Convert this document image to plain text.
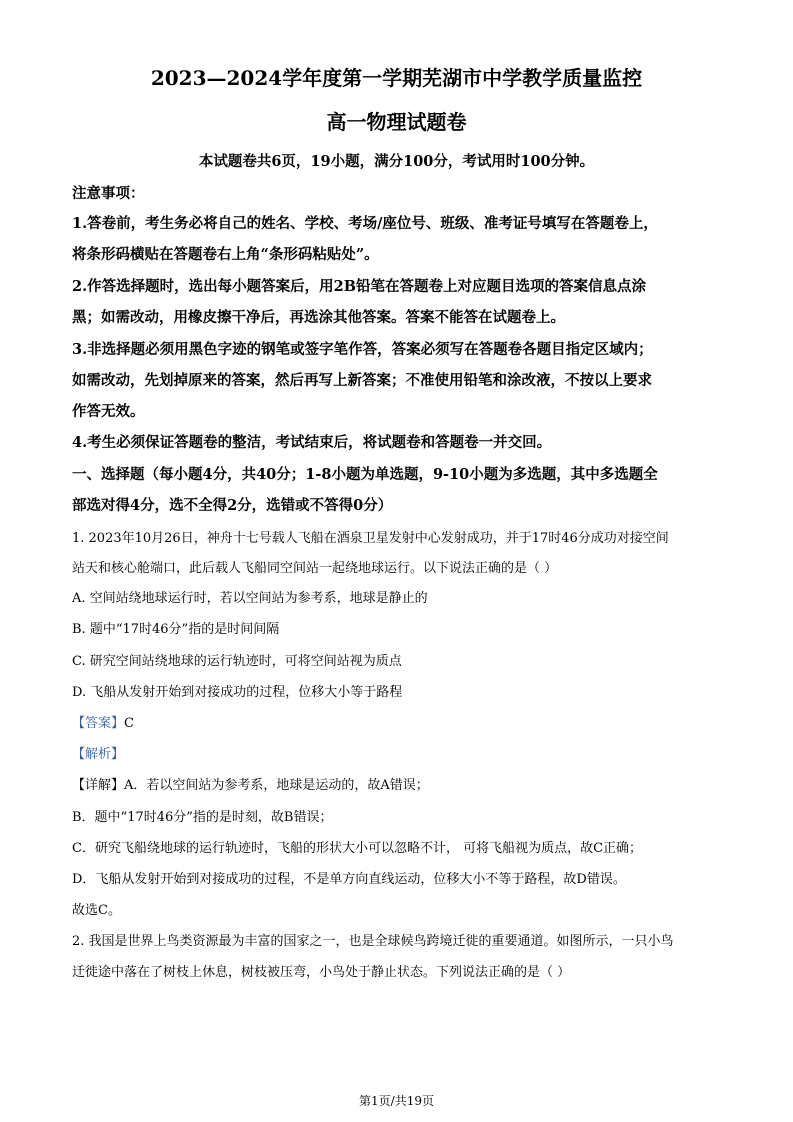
2023—2024学年度第一学期芜湖市中学教学质量监控
高一物理试题卷
本试题卷共6页，19小题，满分100分，考试用时100分钟。
注意事项：
1.答卷前，考生务必将自己的姓名、学校、考场/座位号、班级、准考证号填写在答题卷上，
将条形码横贴在答题卷右上角“条形码粘贴处”。
2.作答选择题时，选出每小题答案后，用2B铅笔在答题卷上对应题目选项的答案信息点涂
黑；如需改动，用橡皮擦干净后，再选涂其他答案。答案不能答在试题卷上。
3.非选择题必须用黑色字迹的钢笔或签字笔作答，答案必须写在答题卷各题目指定区域内；
如需改动，先划掉原来的答案，然后再写上新答案；不准使用铅笔和涂改液，不按以上要求
作答无效。
4.考生必须保证答题卷的整洁，考试结束后，将试题卷和答题卷一并交回。
一、选择题（每小题4分，共40分；1-8小题为单选题，9-10小题为多选题，其中多选题全
部选对得4分，选不全得2分，选错或不答得0分）
1. 2023年10月26日，神舟十七号载人飞船在酒泉卫星发射中心发射成功，并于17时46分成功对接空间
站天和核心舱端口，此后载人飞船同空间站一起绕地球运行。以下说法正确的是（ ）
A. 空间站绕地球运行时，若以空间站为参考系，地球是静止的
B. 题中“17时46分”指的是时间间隔
C. 研究空间站绕地球的运行轨迹时，可将空间站视为质点
D. 飞船从发射开始到对接成功的过程，位移大小等于路程
【答案】C
【解析】
【详解】A．若以空间站为参考系，地球是运动的，故A错误；
B．题中“17时46分”指的是时刻，故B错误；
C．研究飞船绕地球的运行轨迹时，飞船的形状大小可以忽略不计， 可将飞船视为质点，故C正确；
D．飞船从发射开始到对接成功的过程，不是单方向直线运动，位移大小不等于路程，故D错误。
故选C。
2. 我国是世界上鸟类资源最为丰富的国家之一，也是全球候鸟跨境迁徙的重要通道。如图所示，一只小鸟
迁徙途中落在了树枝上休息，树枝被压弯，小鸟处于静止状态。下列说法正确的是（ ）
第1页/共19页
